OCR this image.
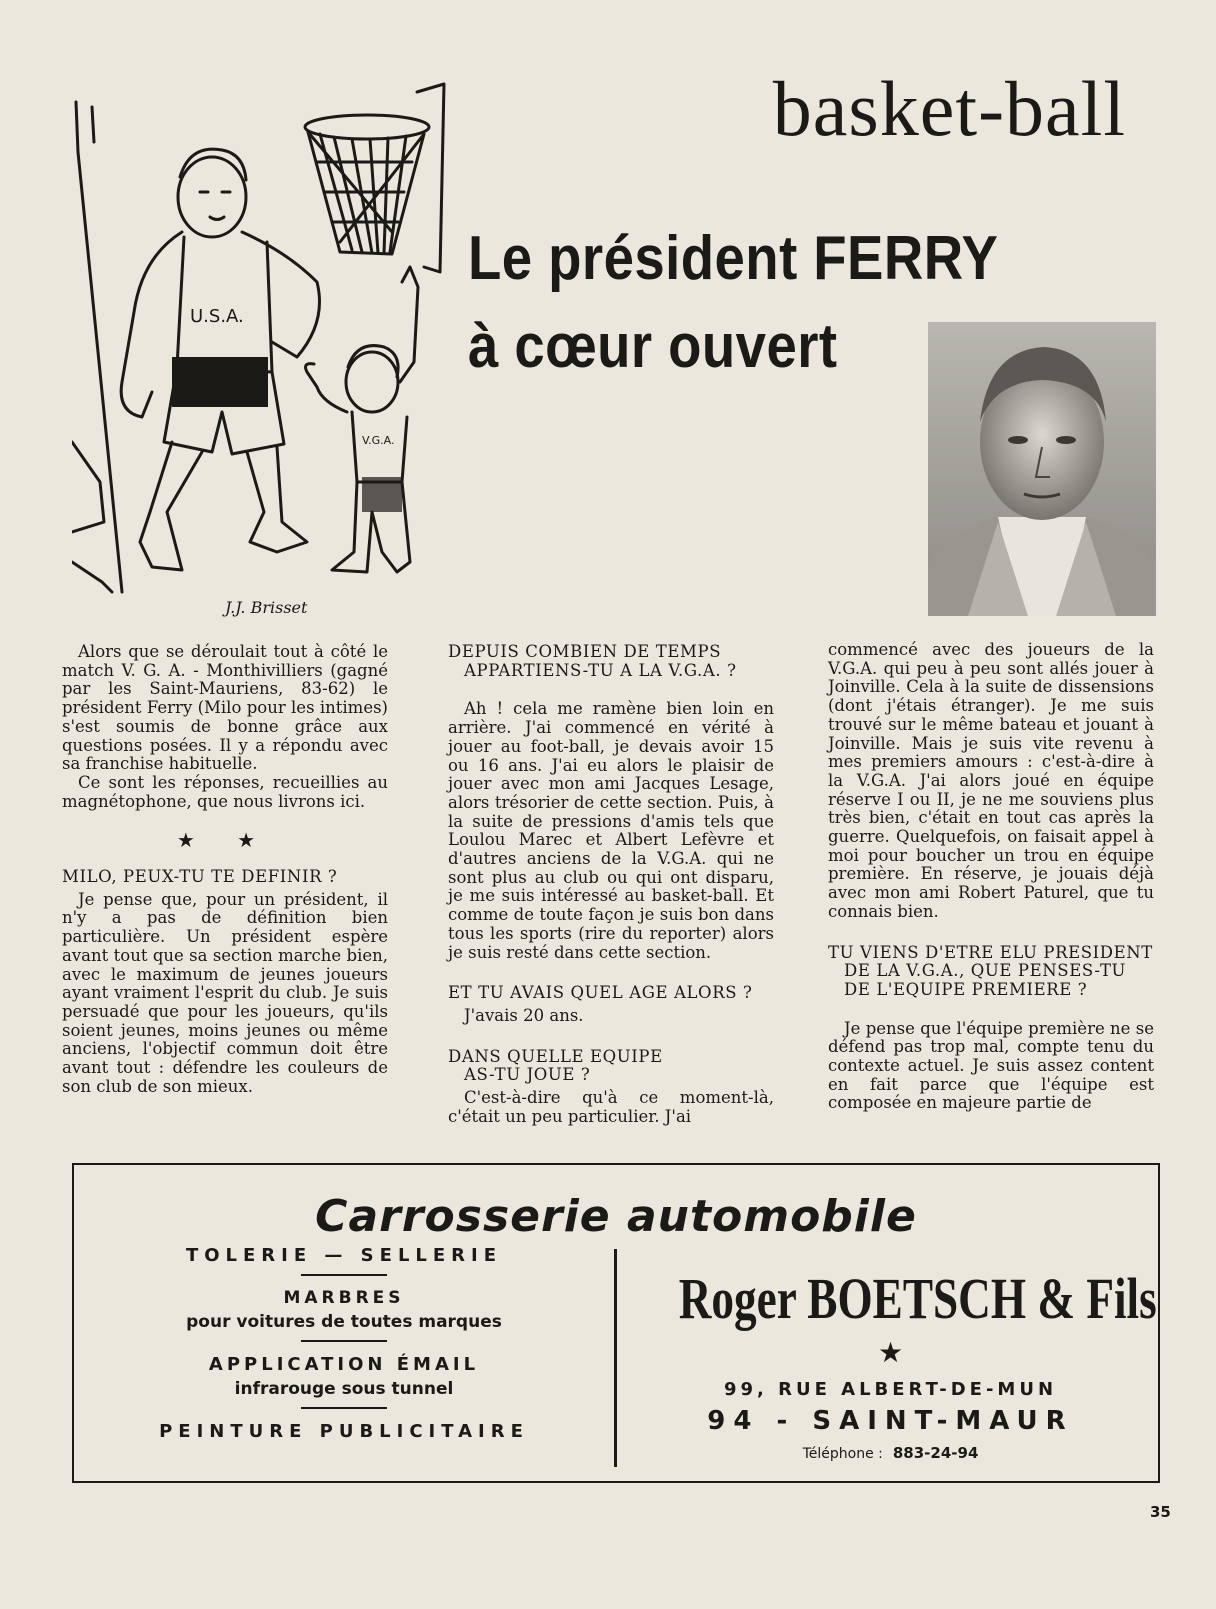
basket-ball
U.S.A.
V.G.A.
J.J. Brisset
Le président FERRY
à cœur ouvert

Alors que se déroulait tout à côté le match V. G. A. - Monthivilliers (gagné par les Saint-Mauriens, 83-62) le président Ferry (Milo pour les intimes) s'est soumis de bonne grâce aux questions posées. Il y a répondu avec sa franchise habituelle.

Ce sont les réponses, recueillies au magnétophone, que nous livrons ici.

★ ★
MILO, PEUX-TU TE DEFINIR ?

Je pense que, pour un président, il n'y a pas de définition bien particulière. Un président espère avant tout que sa section marche bien, avec le maximum de jeunes joueurs ayant vraiment l'esprit du club. Je suis persuadé que pour les joueurs, qu'ils soient jeunes, moins jeunes ou même anciens, l'objectif commun doit être avant tout : défendre les couleurs de son club de son mieux.

DEPUIS COMBIEN DE TEMPS
APPARTIENS-TU A LA V.G.A. ?

Ah ! cela me ramène bien loin en arrière. J'ai commencé en vérité à jouer au foot-ball, je devais avoir 15 ou 16 ans. J'ai eu alors le plaisir de jouer avec mon ami Jacques Lesage, alors trésorier de cette section. Puis, à la suite de pressions d'amis tels que Loulou Marec et Albert Lefèvre et d'autres anciens de la V.G.A. qui ne sont plus au club ou qui ont disparu, je me suis intéressé au basket-ball. Et comme de toute façon je suis bon dans tous les sports (rire du reporter) alors je suis resté dans cette section.

ET TU AVAIS QUEL AGE ALORS ?

J'avais 20 ans.

DANS QUELLE EQUIPE
AS-TU JOUE ?

C'est-à-dire qu'à ce moment-là, c'était un peu particulier. J'ai

commencé avec des joueurs de la V.G.A. qui peu à peu sont allés jouer à Joinville. Cela à la suite de dissensions (dont j'étais étranger). Je me suis trouvé sur le même bateau et jouant à Joinville. Mais je suis vite revenu à mes premiers amours : c'est-à-dire à la V.G.A. J'ai alors joué en équipe réserve I ou II, je ne me souviens plus très bien, c'était en tout cas après la guerre. Quelquefois, on faisait appel à moi pour boucher un trou en équipe première. En réserve, je jouais déjà avec mon ami Robert Paturel, que tu connais bien.

TU VIENS D'ETRE ELU PRESIDENT
DE LA V.G.A., QUE PENSES-TU
DE L'EQUIPE PREMIERE ?

Je pense que l'équipe première ne se défend pas trop mal, compte tenu du contexte actuel. Je suis assez content en fait parce que l'équipe est composée en majeure partie de

Carrosserie automobile
TOLERIE — SELLERIE
MARBRES
pour voitures de toutes marques
APPLICATION ÉMAIL
infrarouge sous tunnel
PEINTURE PUBLICITAIRE
Roger BOETSCH & Fils
★
99, RUE ALBERT-DE-MUN
94 - SAINT-MAUR
Téléphone : 883-24-94
35
